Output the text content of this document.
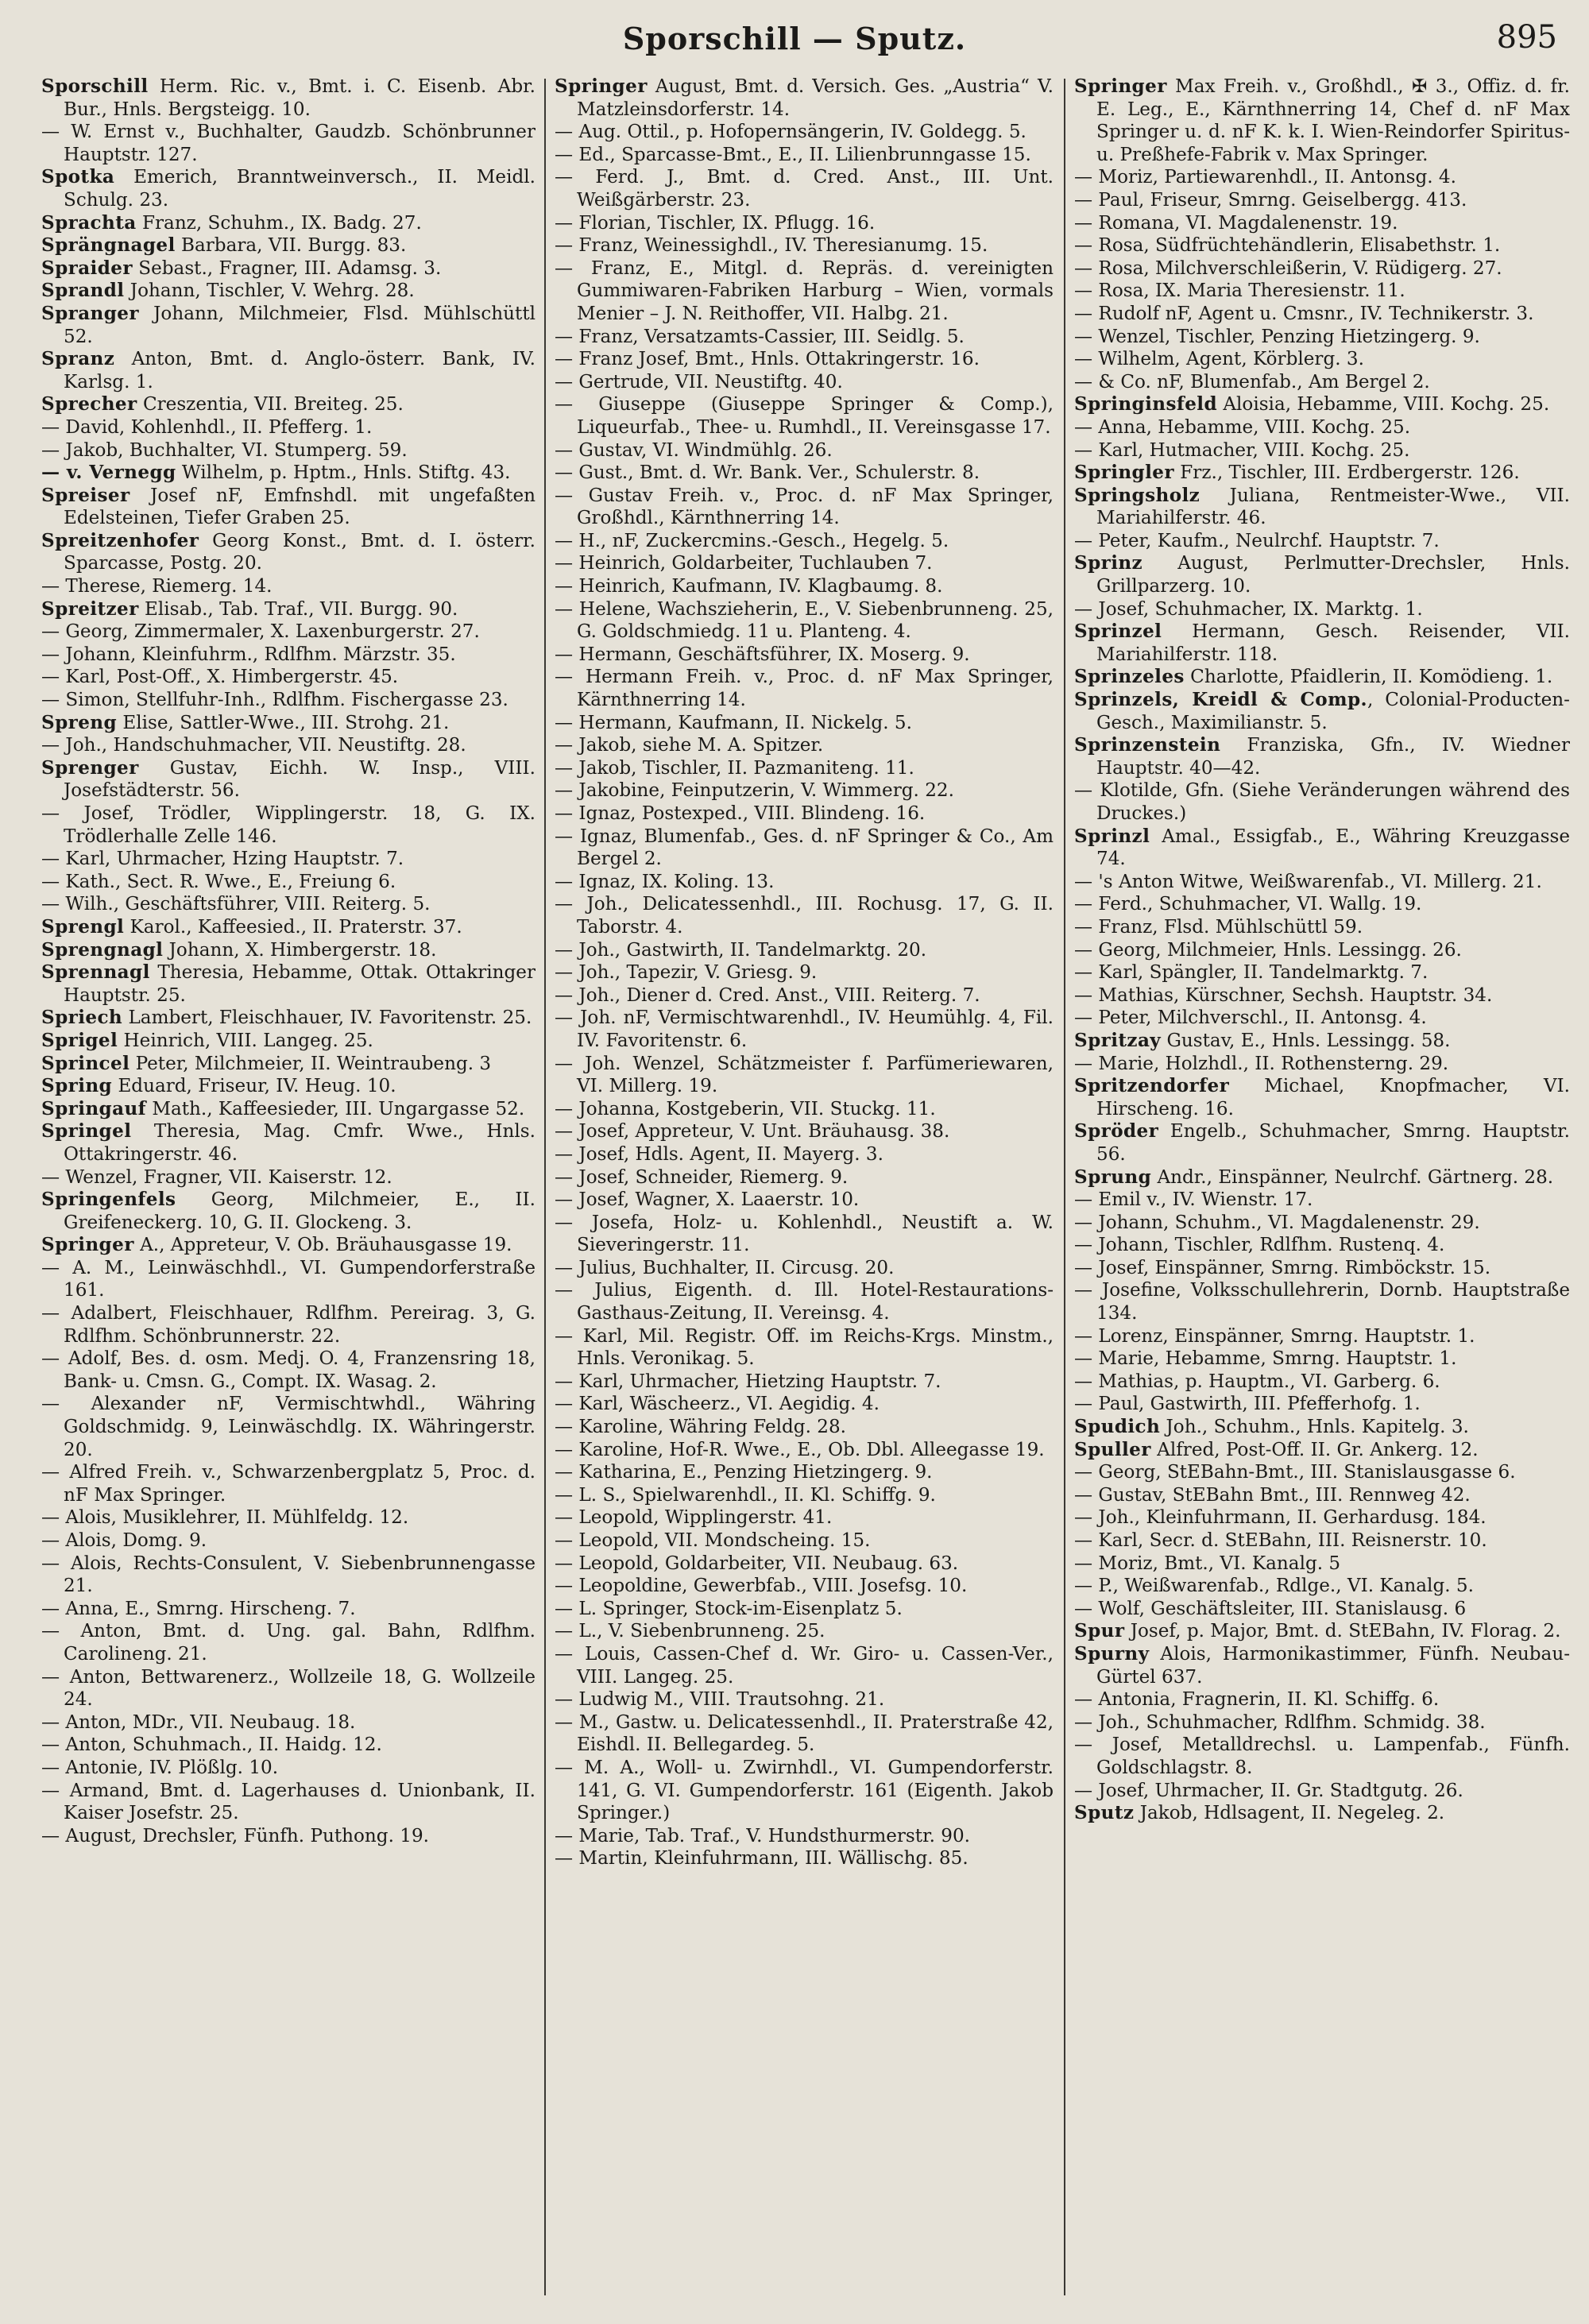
Sporschill — Sputz.	895

Sporschill Herm. Ric. v., Bmt. i. C. Eisenb. Abr. Bur., Hnls. Bergsteigg. 10.

— W. Ernst v., Buchhalter, Gaudzb. Schönbrunner Hauptstr. 127.

Spotka Emerich, Branntweinversch., II. Meidl. Schulg. 23.

Sprachta Franz, Schuhm., IX. Badg. 27.

Sprängnagel Barbara, VII. Burgg. 83.

Spraider Sebast., Fragner, III. Adamsg. 3.

Sprandl Johann, Tischler, V. Wehrg. 28.

Spranger Johann, Milchmeier, Flsd. Mühlschüttl 52.

Spranz Anton, Bmt. d. Anglo-österr. Bank, IV. Karlsg. 1.

Sprecher Creszentia, VII. Breiteg. 25.

— David, Kohlenhdl., II. Pfefferg. 1.

— Jakob, Buchhalter, VI. Stumperg. 59.

— v. Vernegg Wilhelm, p. Hptm., Hnls. Stiftg. 43.

Spreiser Josef nF, Emfnshdl. mit ungefaßten Edelsteinen, Tiefer Graben 25.

Spreitzenhofer Georg Konst., Bmt. d. I. österr. Sparcasse, Postg. 20.

— Therese, Riemerg. 14.

Spreitzer Elisab., Tab. Traf., VII. Burgg. 90.

— Georg, Zimmermaler, X. Laxenburgerstr. 27.

— Johann, Kleinfuhrm., Rdlfhm. Märzstr. 35.

— Karl, Post-Off., X. Himbergerstr. 45.

— Simon, Stellfuhr-Inh., Rdlfhm. Fischergasse 23.

Spreng Elise, Sattler-Wwe., III. Strohg. 21.

— Joh., Handschuhmacher, VII. Neustiftg. 28.

Sprenger Gustav, Eichh. W. Insp., VIII. Josefstädterstr. 56.

— Josef, Trödler, Wipplingerstr. 18, G. IX. Trödlerhalle Zelle 146.

— Karl, Uhrmacher, Hzing Hauptstr. 7.

— Kath., Sect. R. Wwe., E., Freiung 6.

— Wilh., Geschäftsführer, VIII. Reiterg. 5.

Sprengl Karol., Kaffeesied., II. Praterstr. 37.

Sprengnagl Johann, X. Himbergerstr. 18.

Sprennagl Theresia, Hebamme, Ottak. Ottakringer Hauptstr. 25.

Spriech Lambert, Fleischhauer, IV. Favoritenstr. 25.

Sprigel Heinrich, VIII. Langeg. 25.

Sprincel Peter, Milchmeier, II. Weintraubeng. 3

Spring Eduard, Friseur, IV. Heug. 10.

Springauf Math., Kaffeesieder, III. Ungargasse 52.

Springel Theresia, Mag. Cmfr. Wwe., Hnls. Ottakringerstr. 46.

— Wenzel, Fragner, VII. Kaiserstr. 12.

Springenfels Georg, Milchmeier, E., II. Greifeneckerg. 10, G. II. Glockeng. 3.

Springer A., Appreteur, V. Ob. Bräuhausgasse 19.

— A. M., Leinwäschhdl., VI. Gumpendorferstraße 161.

— Adalbert, Fleischhauer, Rdlfhm. Pereirag. 3, G. Rdlfhm. Schönbrunnerstr. 22.

— Adolf, Bes. d. osm. Medj. O. 4, Franzensring 18, Bank- u. Cmsn. G., Compt. IX. Wasag. 2.

— Alexander nF, Vermischtwhdl., Währing Goldschmidg. 9, Leinwäschdlg. IX. Währingerstr. 20.

— Alfred Freih. v., Schwarzenbergplatz 5, Proc. d. nF Max Springer.

— Alois, Musiklehrer, II. Mühlfeldg. 12.

— Alois, Domg. 9.

— Alois, Rechts-Consulent, V. Siebenbrunnengasse 21.

— Anna, E., Smrng. Hirscheng. 7.

— Anton, Bmt. d. Ung. gal. Bahn, Rdlfhm. Carolineng. 21.

— Anton, Bettwarenerz., Wollzeile 18, G. Wollzeile 24.

— Anton, MDr., VII. Neubaug. 18.

— Anton, Schuhmach., II. Haidg. 12.

— Antonie, IV. Plößlg. 10.

— Armand, Bmt. d. Lagerhauses d. Unionbank, II. Kaiser Josefstr. 25.

— August, Drechsler, Fünfh. Puthong. 19.

Springer August, Bmt. d. Versich. Ges. „Austria“ V. Matzleinsdorferstr. 14.

— Aug. Ottil., p. Hofopernsängerin, IV. Goldegg. 5.

— Ed., Sparcasse-Bmt., E., II. Lilienbrunngasse 15.

— Ferd. J., Bmt. d. Cred. Anst., III. Unt. Weißgärberstr. 23.

— Florian, Tischler, IX. Pflugg. 16.

— Franz, Weinessighdl., IV. Theresianumg. 15.

— Franz, E., Mitgl. d. Repräs. d. vereinigten Gummiwaren-Fabriken Harburg – Wien, vormals Menier – J. N. Reithoffer, VII. Halbg. 21.

— Franz, Versatzamts-Cassier, III. Seidlg. 5.

— Franz Josef, Bmt., Hnls. Ottakringerstr. 16.

— Gertrude, VII. Neustiftg. 40.

— Giuseppe (Giuseppe Springer & Comp.), Liqueurfab., Thee- u. Rumhdl., II. Vereinsgasse 17.

— Gustav, VI. Windmühlg. 26.

— Gust., Bmt. d. Wr. Bank. Ver., Schulerstr. 8.

— Gustav Freih. v., Proc. d. nF Max Springer, Großhdl., Kärnthnerring 14.

— H., nF, Zuckercmins.-Gesch., Hegelg. 5.

— Heinrich, Goldarbeiter, Tuchlauben 7.

— Heinrich, Kaufmann, IV. Klagbaumg. 8.

— Helene, Wachszieherin, E., V. Siebenbrunneng. 25, G. Goldschmiedg. 11 u. Planteng. 4.

— Hermann, Geschäftsführer, IX. Moserg. 9.

— Hermann Freih. v., Proc. d. nF Max Springer, Kärnthnerring 14.

— Hermann, Kaufmann, II. Nickelg. 5.

— Jakob, siehe M. A. Spitzer.

— Jakob, Tischler, II. Pazmaniteng. 11.

— Jakobine, Feinputzerin, V. Wimmerg. 22.

— Ignaz, Postexped., VIII. Blindeng. 16.

— Ignaz, Blumenfab., Ges. d. nF Springer & Co., Am Bergel 2.

— Ignaz, IX. Koling. 13.

— Joh., Delicatessenhdl., III. Rochusg. 17, G. II. Taborstr. 4.

— Joh., Gastwirth, II. Tandelmarktg. 20.

— Joh., Tapezir, V. Griesg. 9.

— Joh., Diener d. Cred. Anst., VIII. Reiterg. 7.

— Joh. nF, Vermischtwarenhdl., IV. Heumühlg. 4, Fil. IV. Favoritenstr. 6.

— Joh. Wenzel, Schätzmeister f. Parfümeriewaren, VI. Millerg. 19.

— Johanna, Kostgeberin, VII. Stuckg. 11.

— Josef, Appreteur, V. Unt. Bräuhausg. 38.

— Josef, Hdls. Agent, II. Mayerg. 3.

— Josef, Schneider, Riemerg. 9.

— Josef, Wagner, X. Laaerstr. 10.

— Josefa, Holz- u. Kohlenhdl., Neustift a. W. Sieveringerstr. 11.

— Julius, Buchhalter, II. Circusg. 20.

— Julius, Eigenth. d. Ill. Hotel-Restaurations-Gasthaus-Zeitung, II. Vereinsg. 4.

— Karl, Mil. Registr. Off. im Reichs-Krgs. Minstm., Hnls. Veronikag. 5.

— Karl, Uhrmacher, Hietzing Hauptstr. 7.

— Karl, Wäscheerz., VI. Aegidig. 4.

— Karoline, Währing Feldg. 28.

— Karoline, Hof-R. Wwe., E., Ob. Dbl. Alleegasse 19.

— Katharina, E., Penzing Hietzingerg. 9.

— L. S., Spielwarenhdl., II. Kl. Schiffg. 9.

— Leopold, Wipplingerstr. 41.

— Leopold, VII. Mondscheing. 15.

— Leopold, Goldarbeiter, VII. Neubaug. 63.

— Leopoldine, Gewerbfab., VIII. Josefsg. 10.

— L. Springer, Stock-im-Eisenplatz 5.

— L., V. Siebenbrunneng. 25.

— Louis, Cassen-Chef d. Wr. Giro- u. Cassen-Ver., VIII. Langeg. 25.

— Ludwig M., VIII. Trautsohng. 21.

— M., Gastw. u. Delicatessenhdl., II. Praterstraße 42, Eishdl. II. Bellegardeg. 5.

— M. A., Woll- u. Zwirnhdl., VI. Gumpendorferstr. 141, G. VI. Gumpendorferstr. 161 (Eigenth. Jakob Springer.)

— Marie, Tab. Traf., V. Hundsthurmerstr. 90.

— Martin, Kleinfuhrmann, III. Wällischg. 85.

Springer Max Freih. v., Großhdl., ✠ 3., Offiz. d. fr. E. Leg., E., Kärnthnerring 14, Chef d. nF Max Springer u. d. nF K. k. I. Wien-Reindorfer Spiritus- u. Preßhefe-Fabrik v. Max Springer.

— Moriz, Partiewarenhdl., II. Antonsg. 4.

— Paul, Friseur, Smrng. Geiselbergg. 413.

— Romana, VI. Magdalenenstr. 19.

— Rosa, Südfrüchtehändlerin, Elisabethstr. 1.

— Rosa, Milchverschleißerin, V. Rüdigerg. 27.

— Rosa, IX. Maria Theresienstr. 11.

— Rudolf nF, Agent u. Cmsnr., IV. Technikerstr. 3.

— Wenzel, Tischler, Penzing Hietzingerg. 9.

— Wilhelm, Agent, Körblerg. 3.

— & Co. nF, Blumenfab., Am Bergel 2.

Springinsfeld Aloisia, Hebamme, VIII. Kochg. 25.

— Anna, Hebamme, VIII. Kochg. 25.

— Karl, Hutmacher, VIII. Kochg. 25.

Springler Frz., Tischler, III. Erdbergerstr. 126.

Springsholz Juliana, Rentmeister-Wwe., VII. Mariahilferstr. 46.

— Peter, Kaufm., Neulrchf. Hauptstr. 7.

Sprinz August, Perlmutter-Drechsler, Hnls. Grillparzerg. 10.

— Josef, Schuhmacher, IX. Marktg. 1.

Sprinzel Hermann, Gesch. Reisender, VII. Mariahilferstr. 118.

Sprinzeles Charlotte, Pfaidlerin, II. Komödieng. 1.

Sprinzels, Kreidl & Comp., Colonial-Producten-Gesch., Maximilianstr. 5.

Sprinzenstein Franziska, Gfn., IV. Wiedner Hauptstr. 40—42.

— Klotilde, Gfn. (Siehe Veränderungen während des Druckes.)

Sprinzl Amal., Essigfab., E., Währing Kreuzgasse 74.

— 's Anton Witwe, Weißwarenfab., VI. Millerg. 21.

— Ferd., Schuhmacher, VI. Wallg. 19.

— Franz, Flsd. Mühlschüttl 59.

— Georg, Milchmeier, Hnls. Lessingg. 26.

— Karl, Spängler, II. Tandelmarktg. 7.

— Mathias, Kürschner, Sechsh. Hauptstr. 34.

— Peter, Milchverschl., II. Antonsg. 4.

Spritzay Gustav, E., Hnls. Lessingg. 58.

— Marie, Holzhdl., II. Rothensterng. 29.

Spritzendorfer Michael, Knopfmacher, VI. Hirscheng. 16.

Spröder Engelb., Schuhmacher, Smrng. Hauptstr. 56.

Sprung Andr., Einspänner, Neulrchf. Gärtnerg. 28.

— Emil v., IV. Wienstr. 17.

— Johann, Schuhm., VI. Magdalenenstr. 29.

— Johann, Tischler, Rdlfhm. Rustenq. 4.

— Josef, Einspänner, Smrng. Rimböckstr. 15.

— Josefine, Volksschullehrerin, Dornb. Hauptstraße 134.

— Lorenz, Einspänner, Smrng. Hauptstr. 1.

— Marie, Hebamme, Smrng. Hauptstr. 1.

— Mathias, p. Hauptm., VI. Garberg. 6.

— Paul, Gastwirth, III. Pfefferhofg. 1.

Spudich Joh., Schuhm., Hnls. Kapitelg. 3.

Spuller Alfred, Post-Off. II. Gr. Ankerg. 12.

— Georg, StEBahn-Bmt., III. Stanislausgasse 6.

— Gustav, StEBahn Bmt., III. Rennweg 42.

— Joh., Kleinfuhrmann, II. Gerhardusg. 184.

— Karl, Secr. d. StEBahn, III. Reisnerstr. 10.

— Moriz, Bmt., VI. Kanalg. 5

— P., Weißwarenfab., Rdlge., VI. Kanalg. 5.

— Wolf, Geschäftsleiter, III. Stanislausg. 6

Spur Josef, p. Major, Bmt. d. StEBahn, IV. Florag. 2.

Spurny Alois, Harmonikastimmer, Fünfh. Neubau-Gürtel 637.

— Antonia, Fragnerin, II. Kl. Schiffg. 6.

— Joh., Schuhmacher, Rdlfhm. Schmidg. 38.

— Josef, Metalldrechsl. u. Lampenfab., Fünfh. Goldschlagstr. 8.

— Josef, Uhrmacher, II. Gr. Stadtgutg. 26.

Sputz Jakob, Hdlsagent, II. Negeleg. 2.
